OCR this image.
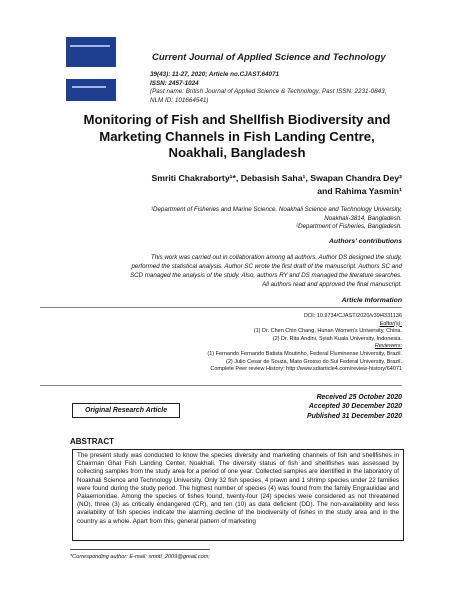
Current Journal of Applied Science and Technology
39(43): 11-27, 2020; Article no.CJAST.64071
ISSN: 2457-1024
(Past name: British Journal of Applied Science & Technology, Past ISSN: 2231-0843,
NLM ID: 101664541)
Monitoring of Fish and Shellfish Biodiversity and
Marketing Channels in Fish Landing Centre,
Noakhali, Bangladesh
Smriti Chakraborty¹*, Debasish Saha¹, Swapan Chandra Dey²
and Rahima Yasmin¹
¹Department of Fisheries and Marine Science, Noakhali Science and Technology University,
Noakhali-3814, Bangladesh.
²Department of Fisheries, Bangladesh.
Authors' contributions
This work was carried out in collaboration among all authors. Author DS designed the study,
performed the statistical analysis. Author SC wrote the first draft of the manuscript. Authors SC and
SCD managed the analysis of the study. Also, authors RY and DS managed the literature searches.
All authors read and approved the final manuscript.
Article Information
DOI: 10.9734/CJAST/2020/v39i4331136
Editor(s):
(1) Dr. Chen Chin Chang, Hunan Women's University, China.
(2) Dr. Rita Andini, Syiah Kuala University, Indonesia.
Reviewers:
(1) Fernando Fernando Batista Moutinho, Federal Fluminense University, Brazil.
(2) Julio Cesar de Souza, Mato Grosso do Sul Federal University, Brazil.
Complete Peer review History: http://www.sdiarticle4.com/review-history/64071
Original Research Article
Received 25 October 2020
Accepted 30 December 2020
Published 31 December 2020
ABSTRACT
The present study was conducted to know the species diversity and marketing channels of fish and shellfishes in Chairman Ghat Fish Landing Center, Noakhali. The diversity status of fish and shellfishes was assessed by collecting samples from the study area for a period of one year. Collected samples are identified in the laboratory of Noakhali Science and Technology University. Only 32 fish species, 4 prawn and 1 shrimp species under 22 families were found during the study period. The highest number of species (4) was found from the family Engraulidae and Palaemonidae. Among the species of fishes found, twenty-four (24) species were considered as not threatened (NO), three (3) as critically endangered (CR), and ten (10) as data deficient (DD). The non-availability and less availability of fish species indicate the alarming decline of the biodiversity of fishes in the study area and in the country as a whole. Apart from this, general pattern of marketing
*Corresponding author: E-mail: smriti_2009@gmail.com;
